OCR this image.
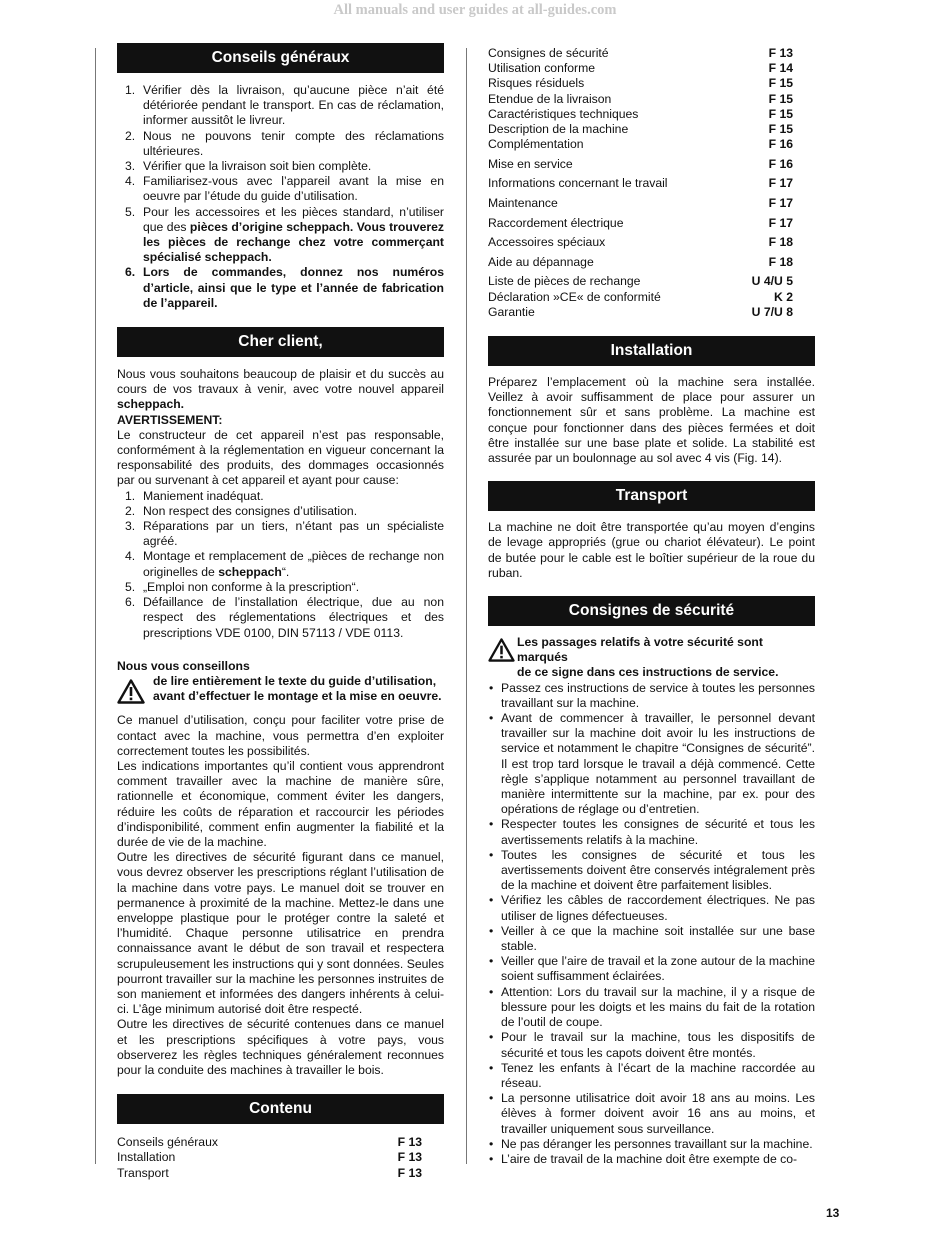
All manuals and user guides at all-guides.com
Conseils généraux
1. Vérifier dès la livraison, qu’aucune pièce n’ait été détériorée pendant le transport. En cas de réclamation, informer aussitôt le livreur.
2. Nous ne pouvons tenir compte des réclamations ultérieures.
3. Vérifier que la livraison soit bien complète.
4. Familiarisez-vous avec l’appareil avant la mise en oeuvre par l’étude du guide d’utilisation.
5. Pour les accessoires et les pièces standard, n’utiliser que des pièces d’origine scheppach. Vous trouverez les pièces de rechange chez votre commerçant spécialisé scheppach.
6. Lors de commandes, donnez nos numéros d’article, ainsi que le type et l’année de fabrication de l’appareil.
Cher client,

Nous vous souhaitons beaucoup de plaisir et du succès au cours de vos travaux à venir, avec votre nouvel appareil scheppach.

AVERTISSEMENT:

Le constructeur de cet appareil n’est pas responsable, conformément à la réglementation en vigueur concernant la responsabilité des produits, des dommages occasionnés par ou survenant à cet appareil et ayant pour cause:

1. Maniement inadéquat.
2. Non respect des consignes d’utilisation.
3. Réparations par un tiers, n’étant pas un spécialiste agréé.
4. Montage et remplacement de „pièces de rechange non originelles de scheppach“.
5. „Emploi non conforme à la prescription“.
6. Défaillance de l’installation électrique, due au non respect des réglementations électriques et des prescriptions VDE 0100, DIN 57113 / VDE 0113.

Nous vous conseillons

de lire entièrement le texte du guide d’utilisation,

avant d’effectuer le montage et la mise en oeuvre.

Ce manuel d’utilisation, conçu pour faciliter votre prise de contact avec la machine, vous permettra d’en exploiter correctement toutes les possibilités.

Les indications importantes qu’il contient vous apprendront comment travailler avec la machine de manière sûre, rationnelle et économique, comment éviter les dangers, réduire les coûts de réparation et raccourcir les périodes d’indisponibilité, comment enfin augmenter la fiabilité et la durée de vie de la machine.

Outre les directives de sécurité figurant dans ce manuel, vous devrez observer les prescriptions réglant l’utilisation de la machine dans votre pays. Le manuel doit se trouver en permanence à proximité de la machine. Mettez-le dans une enveloppe plastique pour le protéger contre la saleté et l’humidité. Chaque personne utilisatrice en prendra connaissance avant le début de son travail et respectera scrupuleusement les instructions qui y sont données. Seules pourront travailler sur la machine les personnes instruites de son maniement et informées des dangers inhérents à celui-ci. L’âge minimum autorisé doit être respecté.

Outre les directives de sécurité contenues dans ce manuel et les prescriptions spécifiques à votre pays, vous observerez les règles techniques généralement reconnues pour la conduite des machines à travailler le bois.

Contenu
Conseils généraux	F 13
Installation	F 13
Transport	F 13
Consignes de sécurité	F 13
Utilisation conforme	F 14
Risques résiduels	F 15
Etendue de la livraison	F 15
Caractéristiques techniques	F 15
Description de la machine	F 15
Complémentation	F 16
Mise en service	F 16
Informations concernant le travail	F 17
Maintenance	F 17
Raccordement électrique	F 17
Accessoires spéciaux	F 18
Aide au dépannage	F 18
Liste de pièces de rechange	U 4/U 5
Déclaration »CE« de conformité	K 2
Garantie	U 7/U 8
Installation

Préparez l’emplacement où la machine sera installée. Veillez à avoir suffisamment de place pour assurer un fonctionnement sûr et sans problème. La machine est conçue pour fonctionner dans des pièces fermées et doit être installée sur une base plate et solide. La stabilité est assurée par un boulonnage au sol avec 4 vis (Fig. 14).

Transport

La machine ne doit être transportée qu’au moyen d’engins de levage appropriés (grue ou chariot élévateur). Le point de butée pour le cable est le boîtier supérieur de la roue du ruban.

Consignes de sécurité

Les passages relatifs à votre sécurité sont marqués

de ce signe dans ces instructions de service.

• Passez ces instructions de service à toutes les personnes travaillant sur la machine.
• Avant de commencer à travailler, le personnel devant travailler sur la machine doit avoir lu les instructions de service et notamment le chapitre “Consignes de sécurité”. Il est trop tard lorsque le travail a déjà commencé. Cette règle s’applique notamment au personnel travaillant de manière intermittente sur la machine, par ex. pour des opérations de réglage ou d’entretien.
• Respecter toutes les consignes de sécurité et tous les avertissements relatifs à la machine.
• Toutes les consignes de sécurité et tous les avertissements doivent être conservés intégralement près de la machine et doivent être parfaitement lisibles.
• Vérifiez les câbles de raccordement électriques. Ne pas utiliser de lignes défectueuses.
• Veiller à ce que la machine soit installée sur une base stable.
• Veiller que l’aire de travail et la zone autour de la machine soient suffisamment éclairées.
• Attention: Lors du travail sur la machine, il y a risque de blessure pour les doigts et les mains du fait de la rotation de l’outil de coupe.
• Pour le travail sur la machine, tous les dispositifs de sécurité et tous les capots doivent être montés.
• Tenez les enfants à l’écart de la machine raccordée au réseau.
• La personne utilisatrice doit avoir 18 ans au moins. Les élèves à former doivent avoir 16 ans au moins, et travailler uniquement sous surveillance.
• Ne pas déranger les personnes travaillant sur la machine.
• L’aire de travail de la machine doit être exempte de co-
13
